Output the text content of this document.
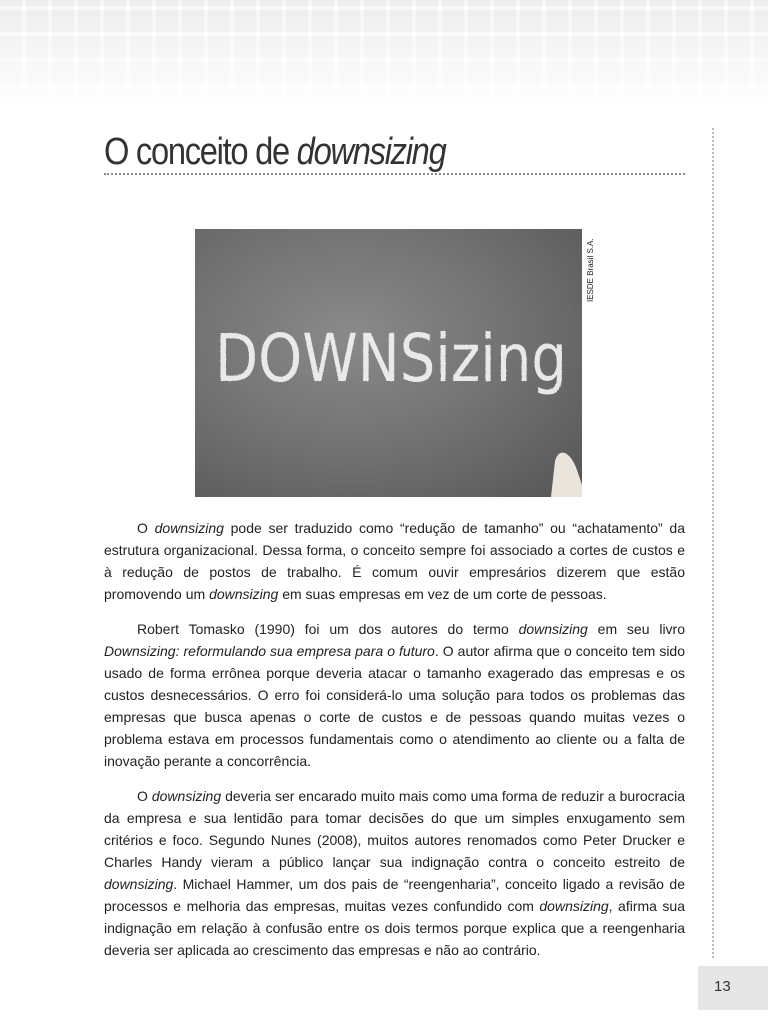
O conceito de downsizing
DOWNSizing
IESDE Brasil S.A.

O downsizing pode ser traduzido como “redução de tamanho” ou “achatamento” da estrutura organizacional. Dessa forma, o conceito sempre foi associado a cortes de custos e à redução de postos de trabalho. É comum ouvir empresários dizerem que estão promovendo um downsizing em suas empresas em vez de um corte de pessoas.

Robert Tomasko (1990) foi um dos autores do termo downsizing em seu livro Downsizing: reformulando sua empresa para o futuro. O autor afirma que o conceito tem sido usado de forma errônea porque deveria atacar o tamanho exagerado das empresas e os custos desnecessários. O erro foi considerá-lo uma solução para todos os problemas das empresas que busca apenas o corte de custos e de pessoas quando muitas vezes o problema estava em processos fundamentais como o atendimento ao cliente ou a falta de inovação perante a concorrência.

O downsizing deveria ser encarado muito mais como uma forma de reduzir a burocracia da empresa e sua lentidão para tomar decisões do que um simples enxugamento sem critérios e foco. Segundo Nunes (2008), muitos autores renomados como Peter Drucker e Charles Handy vieram a público lançar sua indignação contra o conceito estreito de downsizing. Michael Hammer, um dos pais de “reengenharia”, conceito ligado a revisão de processos e melhoria das empresas, muitas vezes confundido com downsizing, afirma sua indignação em relação à confusão entre os dois termos porque explica que a reengenharia deveria ser aplicada ao crescimento das empresas e não ao contrário.

13
